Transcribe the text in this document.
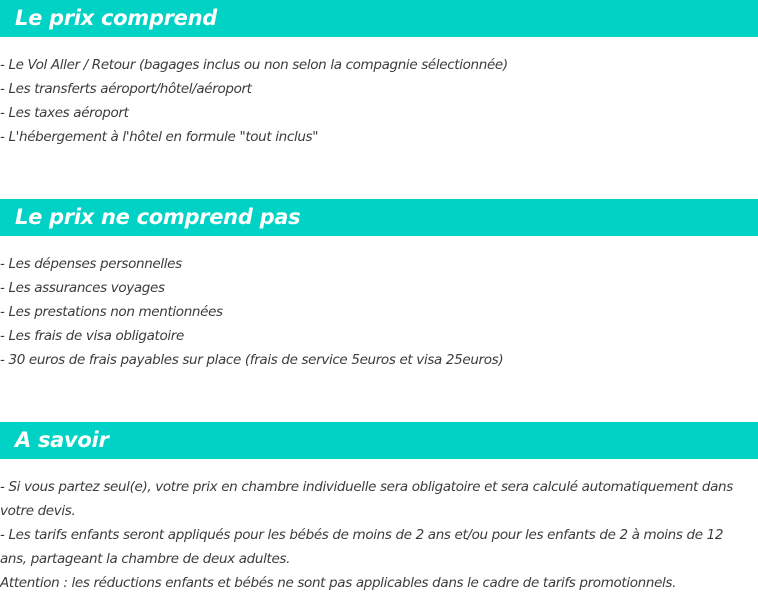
Le prix comprend

- Le Vol Aller / Retour (bagages inclus ou non selon la compagnie sélectionnée)

- Les transferts aéroport/hôtel/aéroport

- Les taxes aéroport

- L'hébergement à l'hôtel en formule "tout inclus"

Le prix ne comprend pas

- Les dépenses personnelles

- Les assurances voyages

- Les prestations non mentionnées

- Les frais de visa obligatoire

- 30 euros de frais payables sur place (frais de service 5euros et visa 25euros)

A savoir

- Si vous partez seul(e), votre prix en chambre individuelle sera obligatoire et sera calculé automatiquement dans votre devis.

- Les tarifs enfants seront appliqués pour les bébés de moins de 2 ans et/ou pour les enfants de 2 à moins de 12 ans, partageant la chambre de deux adultes.

Attention : les réductions enfants et bébés ne sont pas applicables dans le cadre de tarifs promotionnels.
